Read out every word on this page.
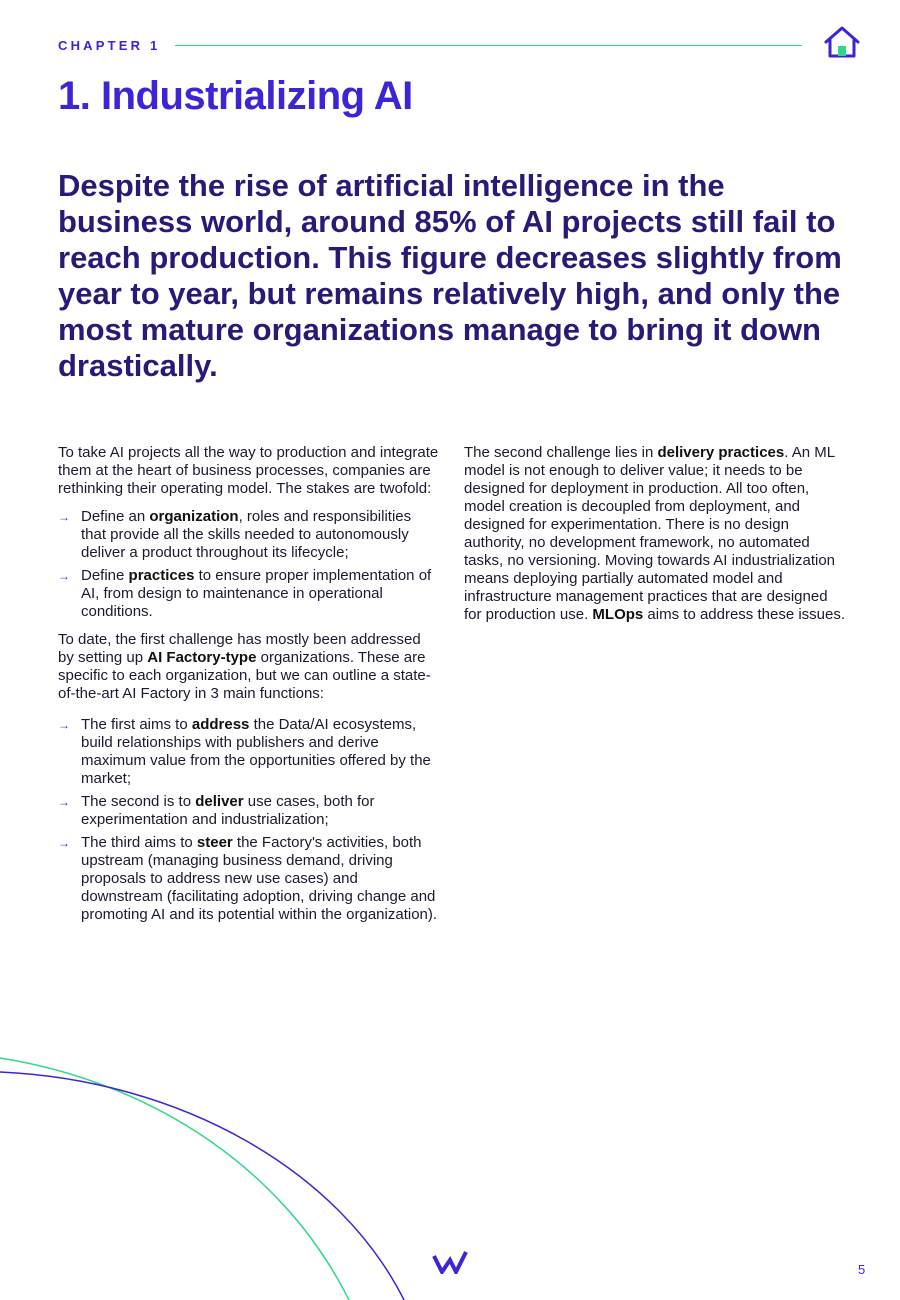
CHAPTER 1
1. Industrializing AI

Despite the rise of artificial intelligence in the business world, around 85% of AI projects still fail to reach production. This figure decreases slightly from year to year, but remains relatively high, and only the most mature organizations manage to bring it down drastically.

To take AI projects all the way to production and integrate them at the heart of business processes, companies are rethinking their operating model. The stakes are twofold:

→ Define an organization, roles and responsibilities that provide all the skills needed to autonomously deliver a product throughout its lifecycle;
→ Define practices to ensure proper implementation of AI, from design to maintenance in operational conditions.

To date, the first challenge has mostly been addressed by setting up AI Factory-type organizations. These are specific to each organization, but we can outline a state-of-the-art AI Factory in 3 main functions:

→ The first aims to address the Data/AI ecosystems, build relationships with publishers and derive maximum value from the opportunities offered by the market;
→ The second is to deliver use cases, both for experimentation and industrialization;
→ The third aims to steer the Factory's activities, both upstream (managing business demand, driving proposals to address new use cases) and downstream (facilitating adoption, driving change and promoting AI and its potential within the organization).

The second challenge lies in delivery practices. An ML model is not enough to deliver value; it needs to be designed for deployment in production. All too often, model creation is decoupled from deployment, and designed for experimentation. There is no design authority, no development framework, no automated tasks, no versioning. Moving towards AI industrialization means deploying partially automated model and infrastructure management practices that are designed for production use. MLOps aims to address these issues.

5
